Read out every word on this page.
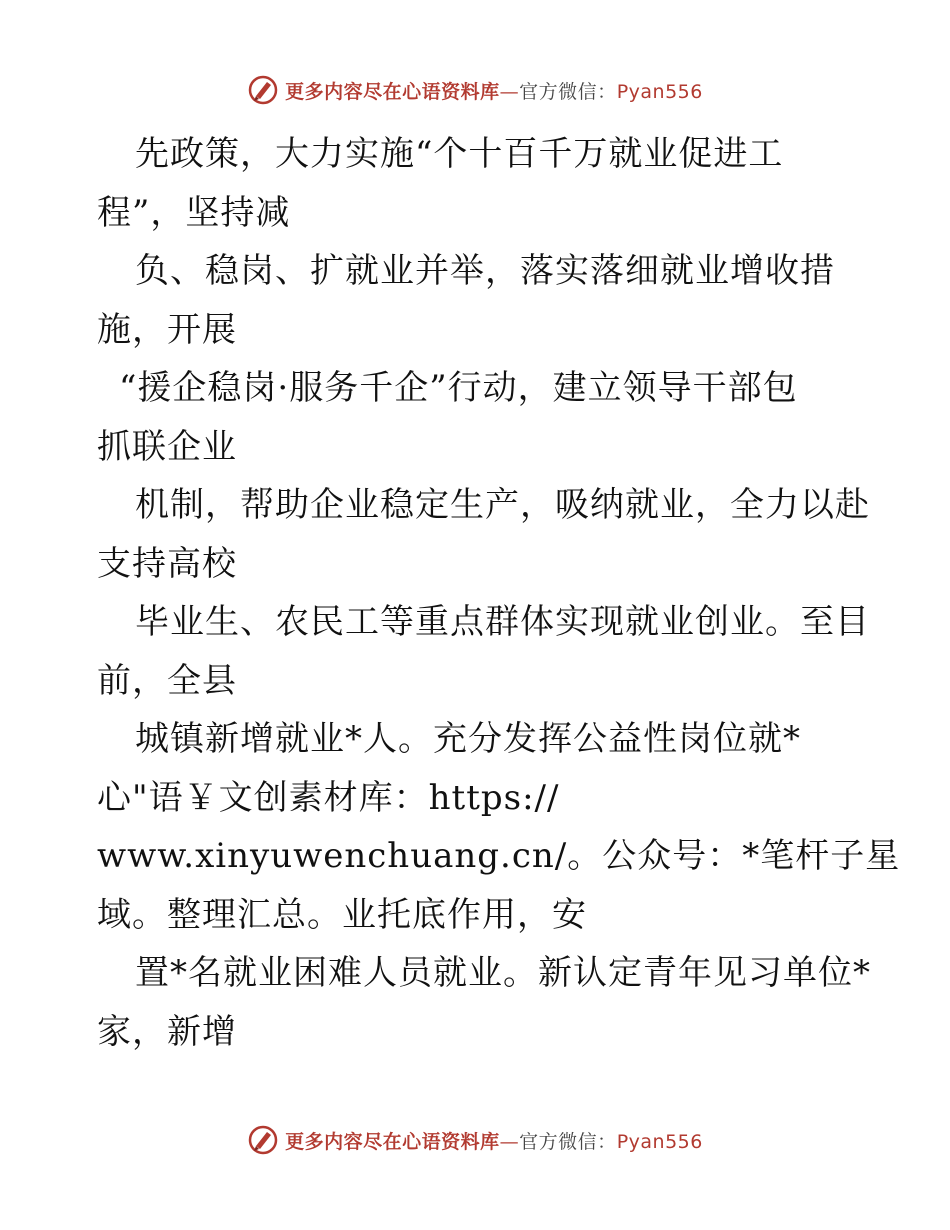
更多内容尽在心语资料库—官方微信：Pyan556
先政策，大力实施“个十百千万就业促进工
程”，坚持减
负、稳岗、扩就业并举，落实落细就业增收措
施，开展
“援企稳岗·服务千企”行动，建立领导干部包
抓联企业
机制，帮助企业稳定生产，吸纳就业，全力以赴
支持高校
毕业生、农民工等重点群体实现就业创业。至目
前，全县
城镇新增就业*人。充分发挥公益性岗位就*
心"语￥文创素材库：https://
www.xinyuwenchuang.cn/。公众号：*笔杆子星
域。整理汇总。业托底作用，安
置*名就业困难人员就业。新认定青年见习单位*
家，新增
更多内容尽在心语资料库—官方微信：Pyan556
